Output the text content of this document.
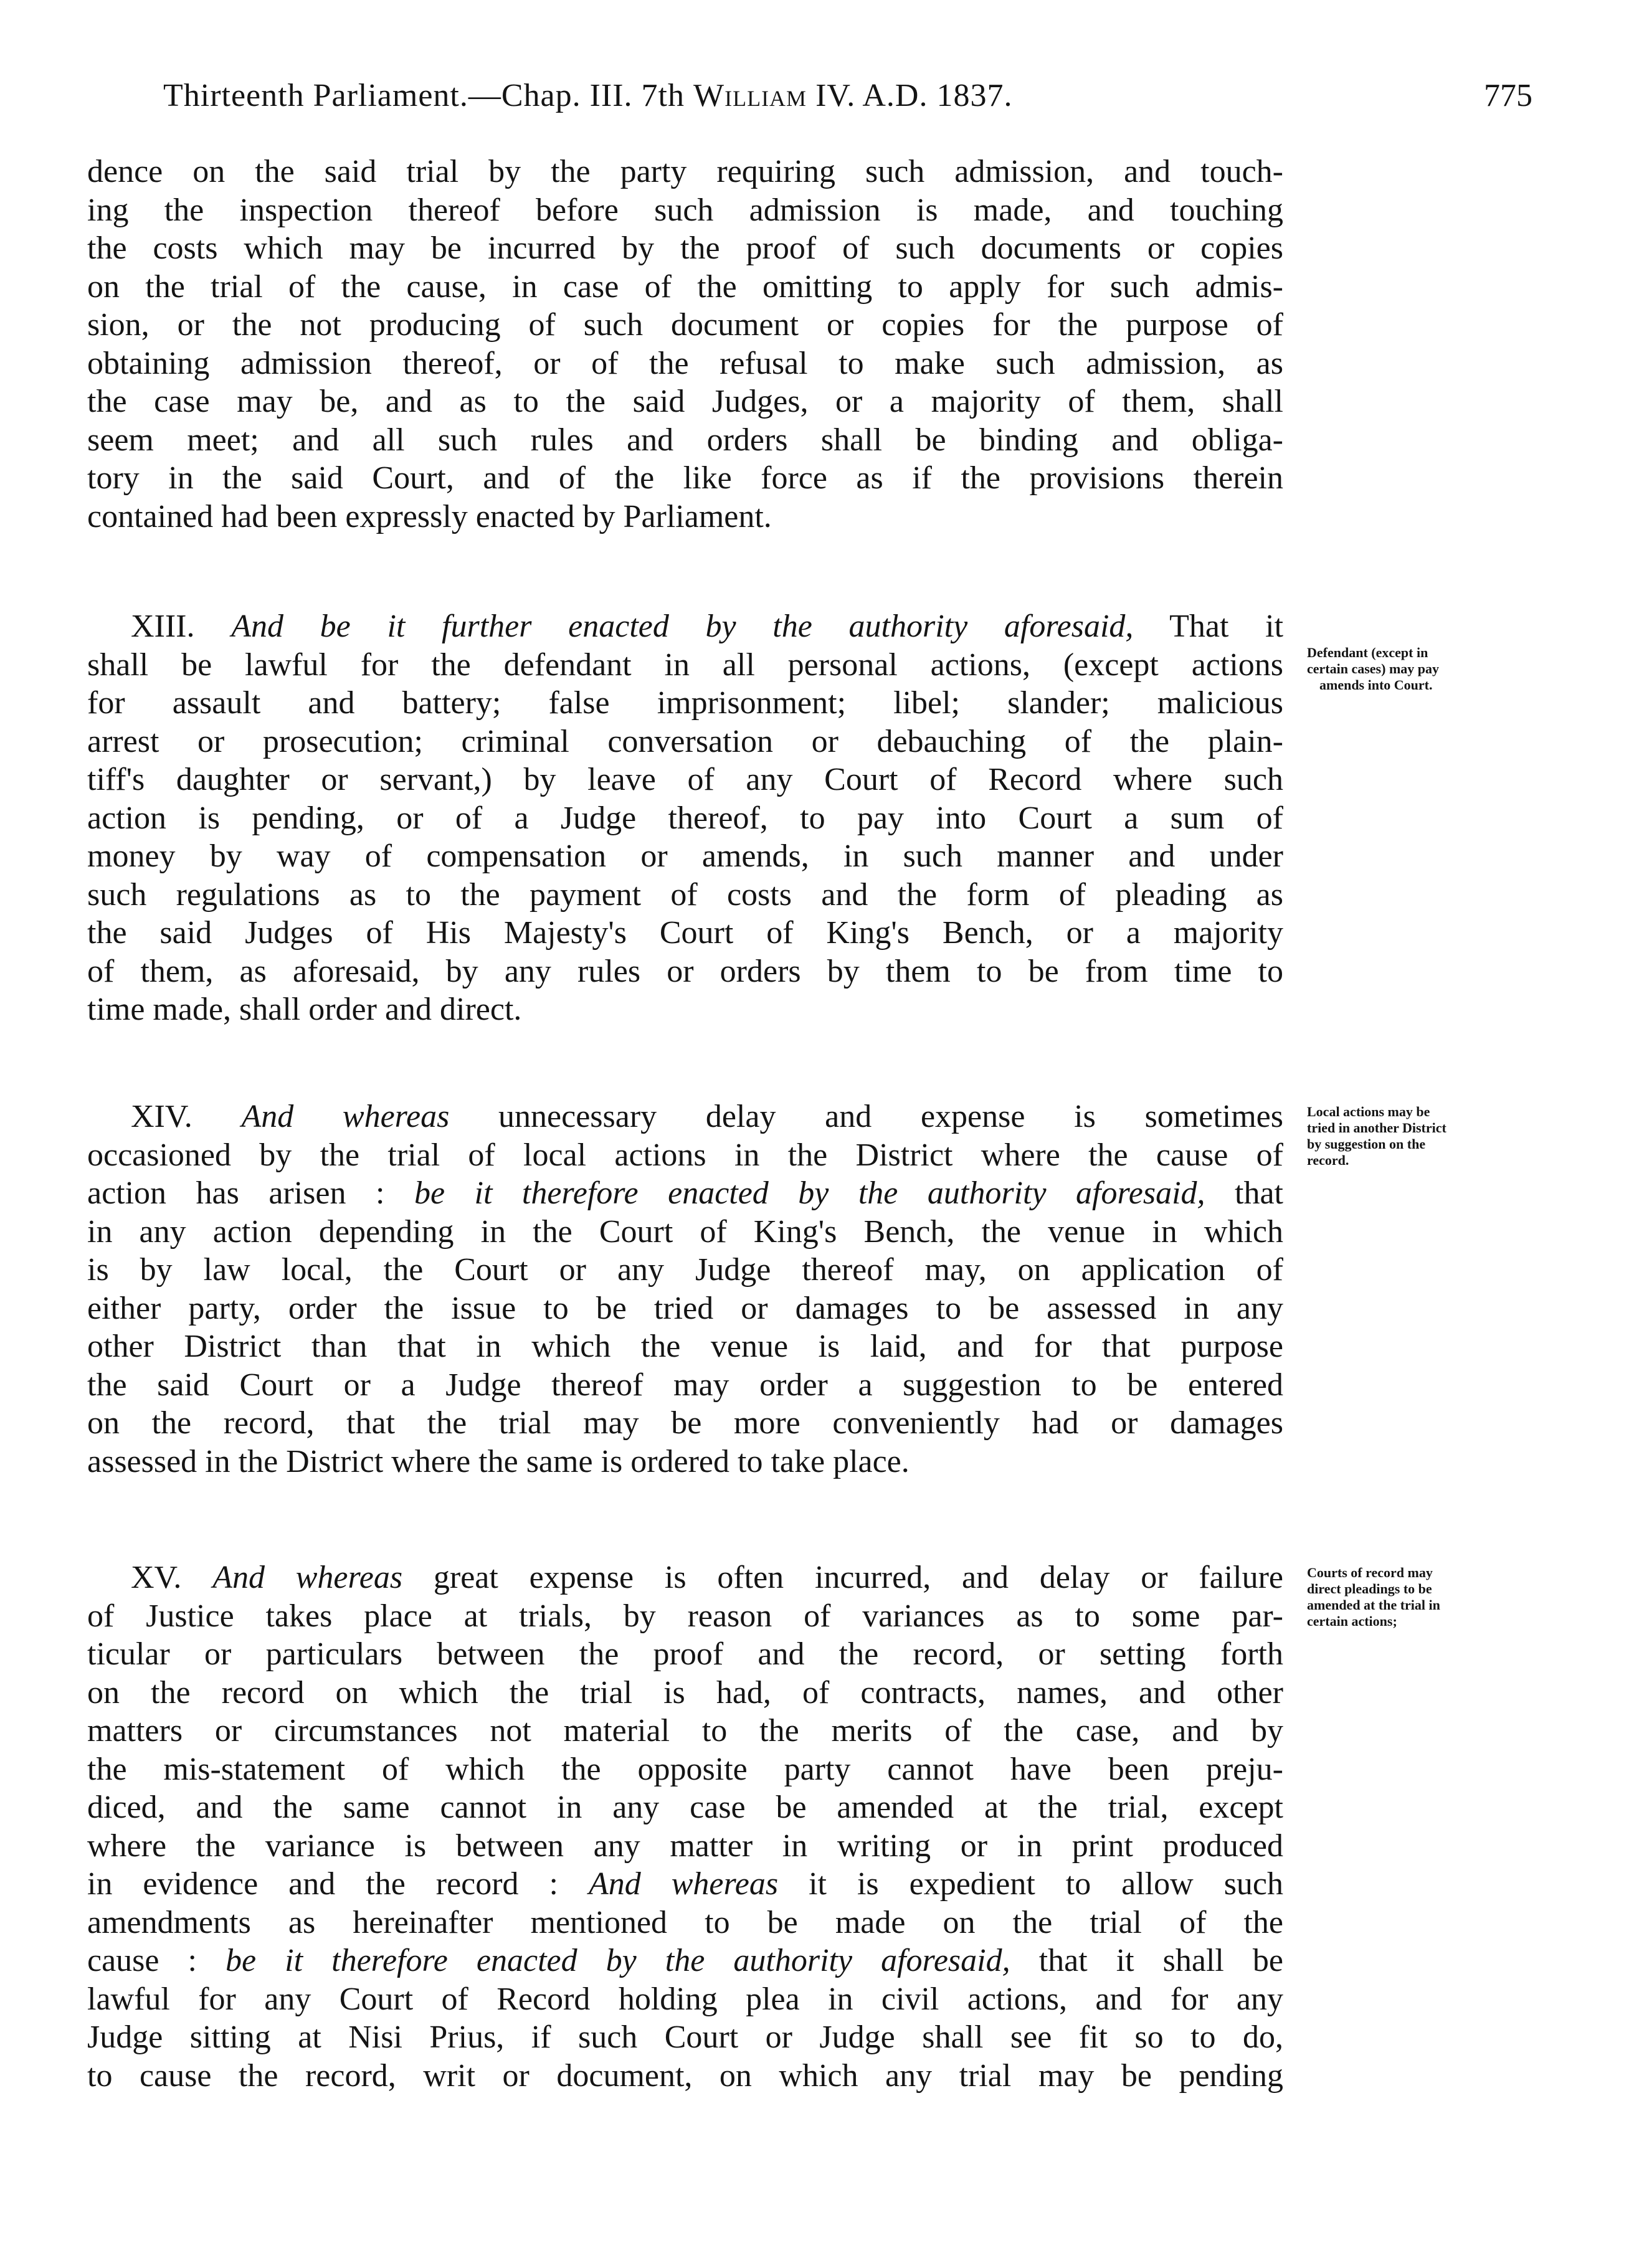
Thirteenth Parliament.—Chap. III. 7th William IV. A.D. 1837.	775
dence on the said trial by the party requiring such admission, and touch-
ing the inspection thereof before such admission is made, and touching
the costs which may be incurred by the proof of such documents or copies
on the trial of the cause, in case of the omitting to apply for such admis-
sion, or the not producing of such document or copies for the purpose of
obtaining admission thereof, or of the refusal to make such admission, as
the case may be, and as to the said Judges, or a majority of them, shall
seem meet; and all such rules and orders shall be binding and obliga-
tory in the said Court, and of the like force as if the provisions therein
contained had been expressly enacted by Parliament.
XIII. And be it further enacted by the authority aforesaid, That it
shall be lawful for the defendant in all personal actions, (except actions
for assault and battery; false imprisonment; libel; slander; malicious
arrest or prosecution; criminal conversation or debauching of the plain-
tiff's daughter or servant,) by leave of any Court of Record where such
action is pending, or of a Judge thereof, to pay into Court a sum of
money by way of compensation or amends, in such manner and under
such regulations as to the payment of costs and the form of pleading as
the said Judges of His Majesty's Court of King's Bench, or a majority
of them, as aforesaid, by any rules or orders by them to be from time to
time made, shall order and direct.
Defendant (except in
certain cases) may pay
amends into Court.
XIV. And whereas unnecessary delay and expense is sometimes
occasioned by the trial of local actions in the District where the cause of
action has arisen : be it therefore enacted by the authority aforesaid, that
in any action depending in the Court of King's Bench, the venue in which
is by law local, the Court or any Judge thereof may, on application of
either party, order the issue to be tried or damages to be assessed in any
other District than that in which the venue is laid, and for that purpose
the said Court or a Judge thereof may order a suggestion to be entered
on the record, that the trial may be more conveniently had or damages
assessed in the District where the same is ordered to take place.
Local actions may be
tried in another District
by suggestion on the
record.
XV. And whereas great expense is often incurred, and delay or failure
of Justice takes place at trials, by reason of variances as to some par-
ticular or particulars between the proof and the record, or setting forth
on the record on which the trial is had, of contracts, names, and other
matters or circumstances not material to the merits of the case, and by
the mis-statement of which the opposite party cannot have been preju-
diced, and the same cannot in any case be amended at the trial, except
where the variance is between any matter in writing or in print produced
in evidence and the record : And whereas it is expedient to allow such
amendments as hereinafter mentioned to be made on the trial of the
cause : be it therefore enacted by the authority aforesaid, that it shall be
lawful for any Court of Record holding plea in civil actions, and for any
Judge sitting at Nisi Prius, if such Court or Judge shall see fit so to do,
to cause the record, writ or document, on which any trial may be pending
Courts of record may
direct pleadings to be
amended at the trial in
certain actions;
